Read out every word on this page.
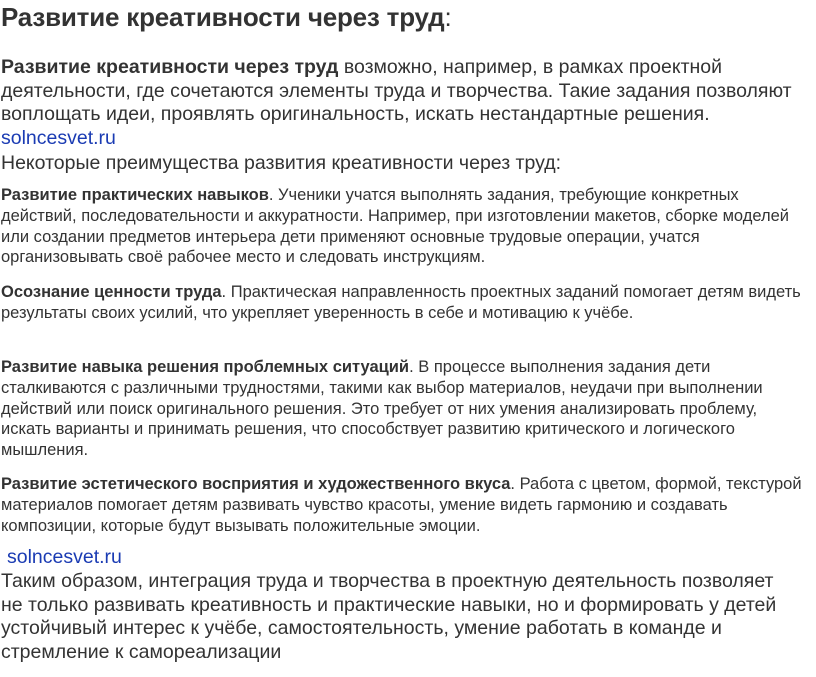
Развитие креативности через труд:

Развитие креативности через труд возможно, например, в рамках проектной деятельности, где сочетаются элементы труда и творчества. Такие задания позволяют воплощать идеи, проявлять оригинальность, искать нестандартные решения. solncesvet.ru

Некоторые преимущества развития креативности через труд:

Развитие практических навыков. Ученики учатся выполнять задания, требующие конкретных действий, последовательности и аккуратности. Например, при изготовлении макетов, сборке моделей или создании предметов интерьера дети применяют основные трудовые операции, учатся организовывать своё рабочее место и следовать инструкциям.

Осознание ценности труда. Практическая направленность проектных заданий помогает детям видеть результаты своих усилий, что укрепляет уверенность в себе и мотивацию к учёбе.

Развитие навыка решения проблемных ситуаций. В процессе выполнения задания дети сталкиваются с различными трудностями, такими как выбор материалов, неудачи при выполнении действий или поиск оригинального решения. Это требует от них умения анализировать проблему, искать варианты и принимать решения, что способствует развитию критического и логического мышления.

Развитие эстетического восприятия и художественного вкуса. Работа с цветом, формой, текстурой материалов помогает детям развивать чувство красоты, умение видеть гармонию и создавать композиции, которые будут вызывать положительные эмоции.

solncesvet.ru

Таким образом, интеграция труда и творчества в проектную деятельность позволяет не только развивать креативность и практические навыки, но и формировать у детей устойчивый интерес к учёбе, самостоятельность, умение работать в команде и стремление к самореализации
